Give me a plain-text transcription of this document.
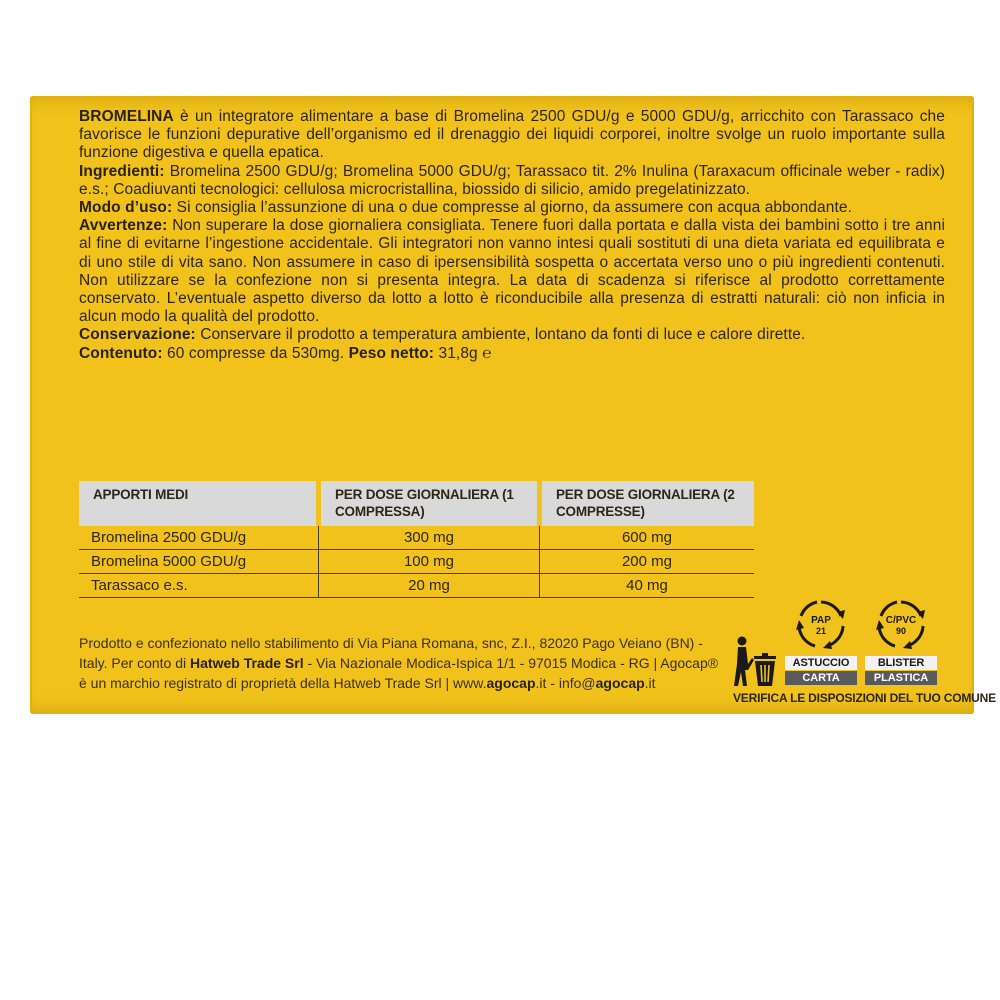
BROMELINA è un integratore alimentare a base di Bromelina 2500 GDU/g e 5000 GDU/g, arricchito con Tarassaco che favorisce le funzioni depurative dell’organismo ed il drenaggio dei liquidi corporei, inoltre svolge un ruolo importante sulla funzione digestiva e quella epatica.

Ingredienti: Bromelina 2500 GDU/g; Bromelina 5000 GDU/g; Tarassaco tit. 2% Inulina (Taraxacum officinale weber - radix) e.s.; Coadiuvanti tecnologici: cellulosa microcristallina, biossido di silicio, amido pregelatinizzato.

Modo d’uso: Si consiglia l’assunzione di una o due compresse al giorno, da assumere con acqua abbondante.

Avvertenze: Non superare la dose giornaliera consigliata. Tenere fuori dalla portata e dalla vista dei bambini sotto i tre anni al fine di evitarne l’ingestione accidentale. Gli integratori non vanno intesi quali sostituti di una dieta variata ed equilibrata e di uno stile di vita sano. Non assumere in caso di ipersensibilità sospetta o accertata verso uno o più ingredienti contenuti. Non utilizzare se la confezione non si presenta integra. La data di scadenza si riferisce al prodotto correttamente conservato. L’eventuale aspetto diverso da lotto a lotto è riconducibile alla presenza di estratti naturali: ciò non inficia in alcun modo la qualità del prodotto.

Conservazione: Conservare il prodotto a temperatura ambiente, lontano da fonti di luce e calore dirette.

Contenuto: 60 compresse da 530mg. Peso netto: 31,8g ℮

APPORTI MEDI	PER DOSE GIORNALIERA (1 COMPRESSA)	PER DOSE GIORNALIERA (2 COMPRESSE)
Bromelina 2500 GDU/g	300 mg	600 mg
Bromelina 5000 GDU/g	100 mg	200 mg
Tarassaco e.s.	20 mg	40 mg
Prodotto e confezionato nello stabilimento di Via Piana Romana, snc, Z.I., 82020 Pago Veiano (BN) - Italy. Per conto di Hatweb Trade Srl - Via Nazionale Modica-Ispica 1/1 - 97015 Modica - RG | Agocap® è un marchio registrato di proprietà della Hatweb Trade Srl | www.agocap.it - info@agocap.it
PAP
21
C/PVC
90
ASTUCCIO
CARTA
BLISTER
PLASTICA
VERIFICA LE DISPOSIZIONI DEL TUO COMUNE
